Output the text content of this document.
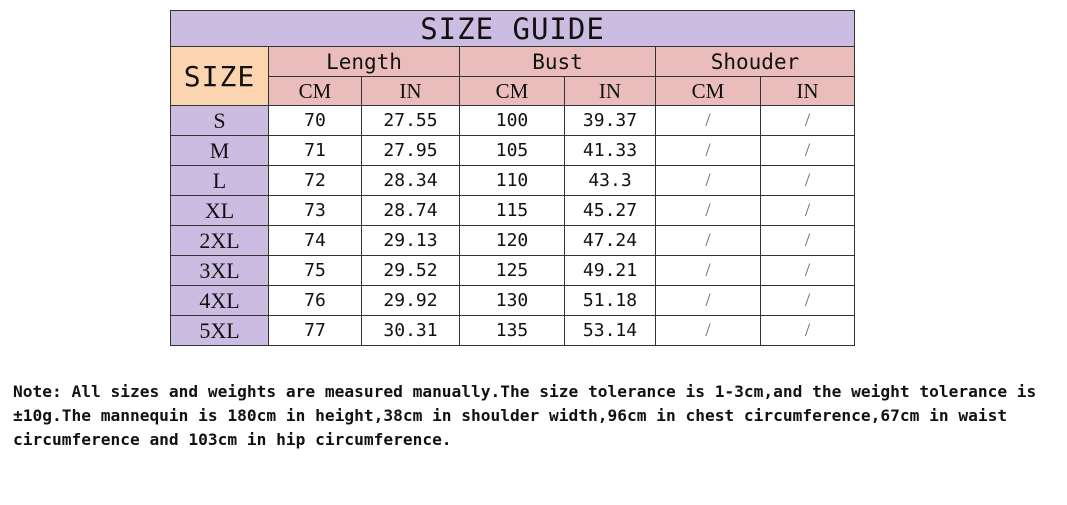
SIZE GUIDE						
SIZE	Length		Bust		Shouder	
	CM	IN	CM	IN	CM	IN
S	70	27.55	100	39.37	/	/
M	71	27.95	105	41.33	/	/
L	72	28.34	110	43.3	/	/
XL	73	28.74	115	45.27	/	/
2XL	74	29.13	120	47.24	/	/
3XL	75	29.52	125	49.21	/	/
4XL	76	29.92	130	51.18	/	/
5XL	77	30.31	135	53.14	/	/

Note: All sizes and weights are measured manually.The size tolerance is 1-3cm,and the weight tolerance is ±10g.The mannequin is 180cm in height,38cm in shoulder width,96cm in chest circumference,67cm in waist circumference and 103cm in hip circumference.
